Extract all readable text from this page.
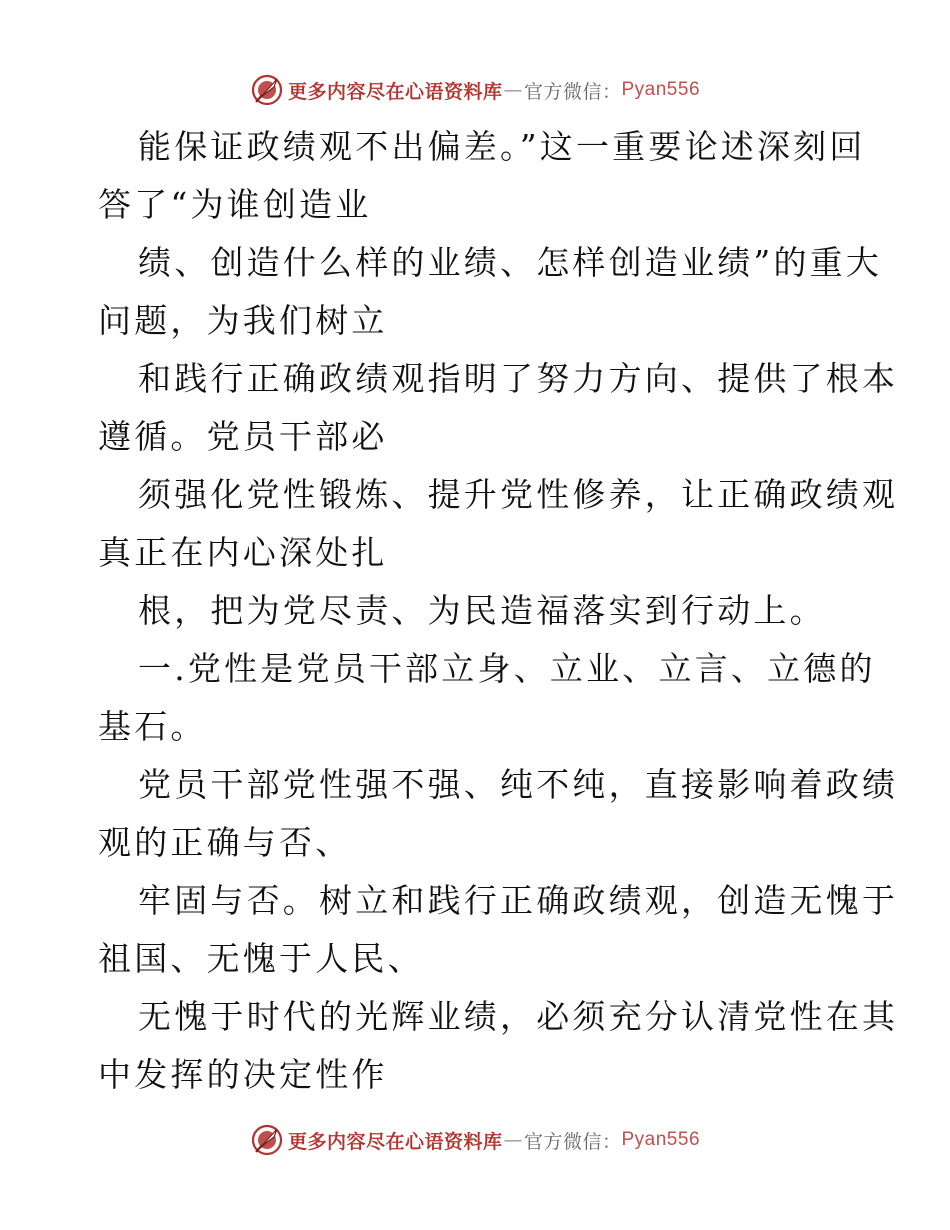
更多内容尽在心语资料库 — 官方微信： Pyan556
能保证政绩观不出偏差。”这一重要论述深刻回
答了“为谁创造业
绩、创造什么样的业绩、怎样创造业绩”的重大
问题，为我们树立
和践行正确政绩观指明了努力方向、提供了根本
遵循。党员干部必
须强化党性锻炼、提升党性修养，让正确政绩观
真正在内心深处扎
根，把为党尽责、为民造福落实到行动上。
一.党性是党员干部立身、立业、立言、立德的
基石。
党员干部党性强不强、纯不纯，直接影响着政绩
观的正确与否、
牢固与否。树立和践行正确政绩观，创造无愧于
祖国、无愧于人民、
无愧于时代的光辉业绩，必须充分认清党性在其
中发挥的决定性作
更多内容尽在心语资料库 — 官方微信： Pyan556
